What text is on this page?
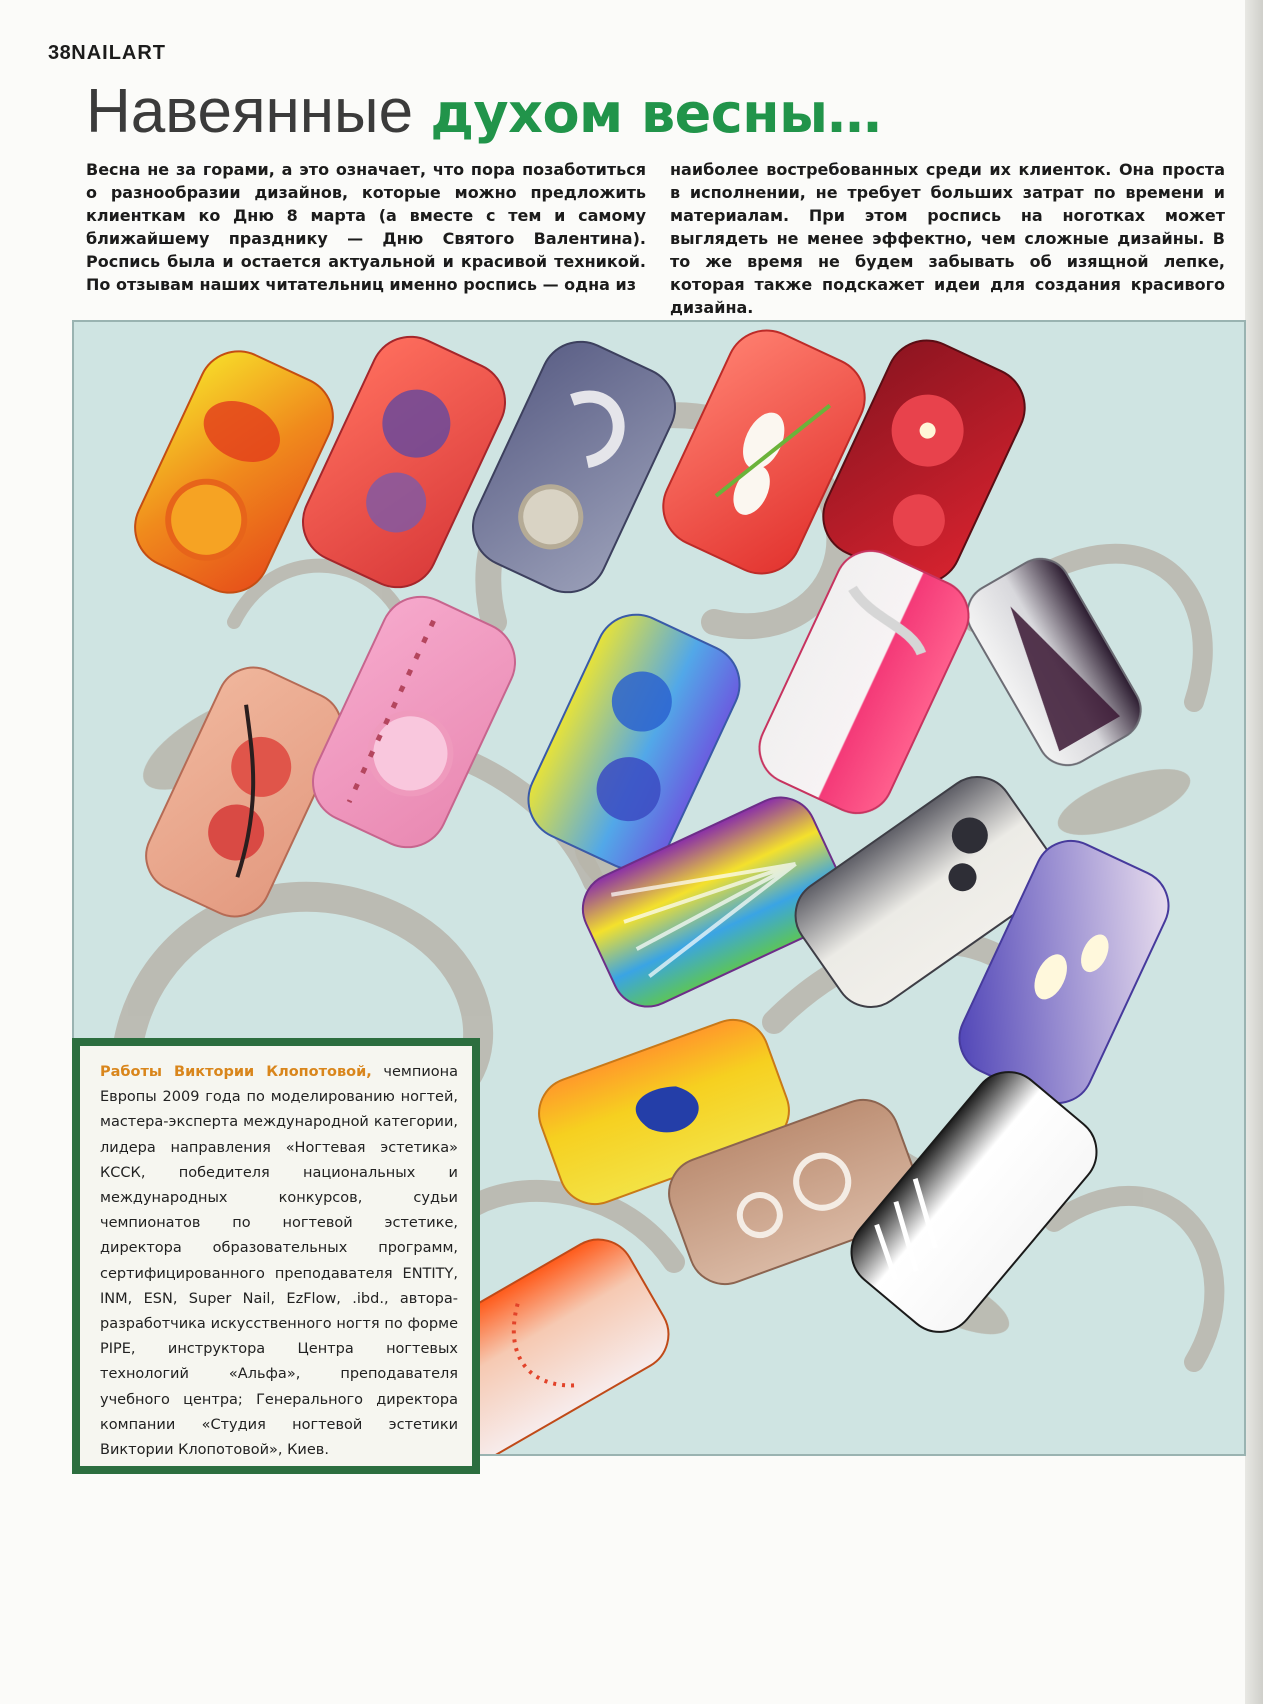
38NAILART
Навеянные духом весны…

Весна не за горами, а это означает, что пора позаботиться о разнообразии дизайнов, которые можно предложить клиенткам ко Дню 8 марта (а вместе с тем и самому ближайшему празднику — Дню Святого Валентина). Роспись была и остается актуальной и красивой техникой. По отзывам наших читательниц именно роспись — одна из

наиболее востребованных среди их клиенток. Она проста в исполнении, не требует больших затрат по времени и материалам. При этом роспись на ноготках может выглядеть не менее эффектно, чем сложные дизайны. В то же время не будем забывать об изящной лепке, которая также подскажет идеи для создания красивого дизайна.

Работы Виктории Клопотовой, чемпиона Европы 2009 года по моделированию ногтей, мастера-эксперта международной категории, лидера направления «Ногтевая эстетика» КССК, победителя национальных и международных конкурсов, судьи чемпионатов по ногтевой эстетике, директора образовательных программ, сертифицированного преподавателя ENTITY, INM, ESN, Super Nail, EzFlow, .ibd., автора-разработчика искусственного ногтя по форме PIPE, инструктора Центра ногтевых технологий «Альфа», преподавателя учебного центра; Генерального директора компании «Студия ногтевой эстетики Виктории Клопотовой», Киев.
